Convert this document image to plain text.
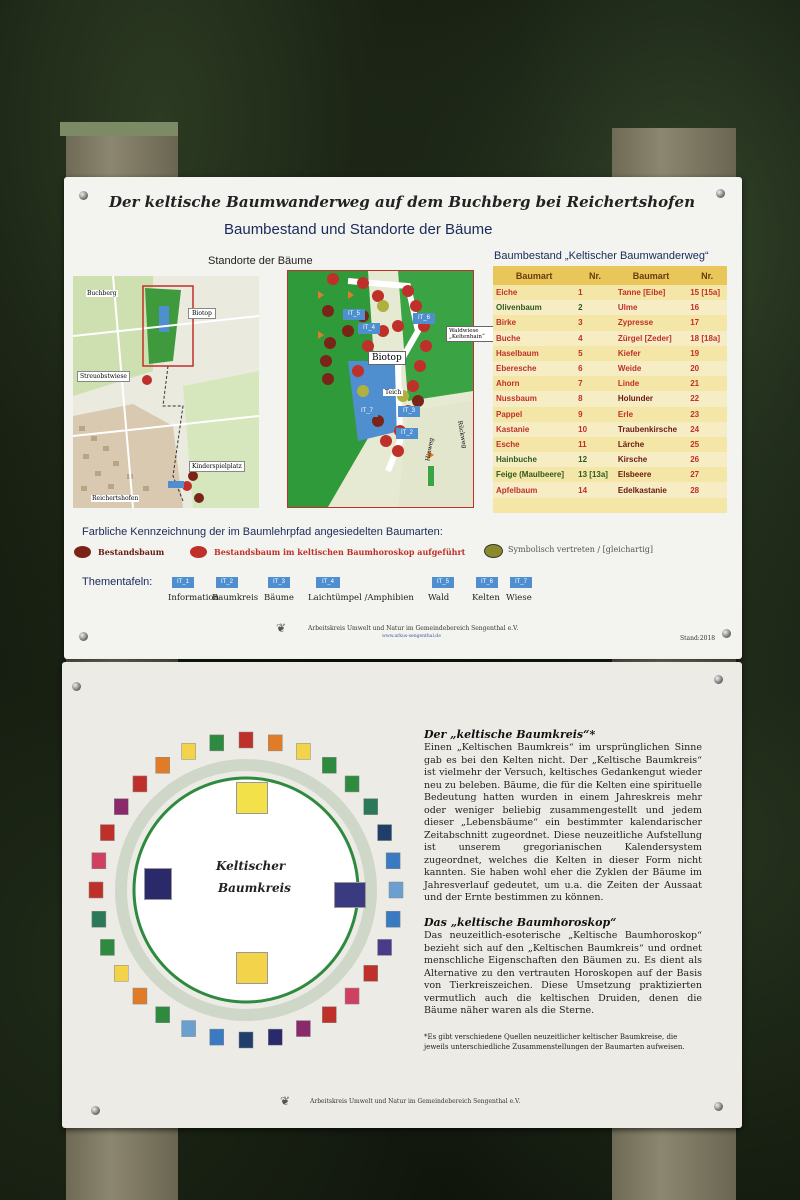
Der keltische Baumwanderweg auf dem Buchberg bei Reichertshofen
Baumbestand und Standorte der Bäume
Standorte der Bäume	Baumbestand „Keltischer Baumwanderweg“
Buchberg
Biotop
Streuobstwiese
Kinderspielplatz
Reichertshofen
IT_5
IT_4
IT_6
IT_7	IT_3
IT_2
Biotop
Teich
Waldwiese „Keltenhain“
Hinweg
Rückweg
Baumart	Nr.	Baumart	Nr.
Eiche	1	Tanne [Eibe]	15 [15a]
Olivenbaum	2	Ulme	16
Birke	3	Zypresse	17
Buche	4	Zürgel [Zeder]	18 [18a]
Haselbaum	5	Kiefer	19
Eberesche	6	Weide	20
Ahorn	7	Linde	21
Nussbaum	8	Holunder	22
Pappel	9	Erle	23
Kastanie	10	Traubenkirsche	24
Esche	11	Lärche	25
Hainbuche	12	Kirsche	26
Feige (Maulbeere]	13 [13a]	Elsbeere	27
Apfelbaum	14	Edelkastanie	28
Farbliche Kennzeichnung der im Baumlehrpfad angesiedelten Baumarten:
Bestandsbaum	Bestandsbaum im keltischen Baumhoroskop aufgeführt	Symbolisch vertreten / [gleichartig]
Thementafeln:	IT_1
Information
IT_2
Baumkreis
IT_3
Bäume
IT_4
Laichtümpel /Amphibien
IT_5
Wald
IT_6
Kelten
IT_7
Wiese
Arbeitskreis Umwelt und Natur im Gemeindebereich Sengenthal e.V.
www.arkus-sengenthal.de
❦
Stand:2018
Keltischer
Baumkreis
Der „keltische Baumkreis“*
Einen „Keltischen Baumkreis“ im ursprünglichen Sinne gab es bei den Kelten nicht. Der „Keltische Baumkreis“ ist vielmehr der Versuch, keltisches Gedankengut wieder neu zu beleben. Bäume, die für die Kelten eine spirituelle Bedeutung hatten wurden in einem Jahreskreis mehr oder weniger beliebig zusammengestellt und jedem dieser „Lebensbäume“ ein bestimmter kalendarischer Zeitabschnitt zugeordnet. Diese neuzeitliche Aufstellung ist unserem gregorianischen Kalendersystem zugeordnet, welches die Kelten in dieser Form nicht kannten. Sie haben wohl eher die Zyklen der Bäume im Jahresverlauf gedeutet, um u.a. die Zeiten der Aussaat und der Ernte bestimmen zu können.
Das „keltische Baumhoroskop“
Das neuzeitlich-esoterische „Keltische Baumhoroskop“ bezieht sich auf den „Keltischen Baumkreis“ und ordnet menschliche Eigenschaften den Bäumen zu. Es dient als Alternative zu den vertrauten Horoskopen auf der Basis von Tierkreiszeichen. Diese Umsetzung praktizierten vermutlich auch die keltischen Druiden, denen die Bäume näher waren als die Sterne.
*Es gibt verschiedene Quellen neuzeitlicher keltischer Baumkreise, die jeweils unterschiedliche Zusammenstellungen der Baumarten aufweisen.
❦	Arbeitskreis Umwelt und Natur im Gemeindebereich Sengenthal e.V.
